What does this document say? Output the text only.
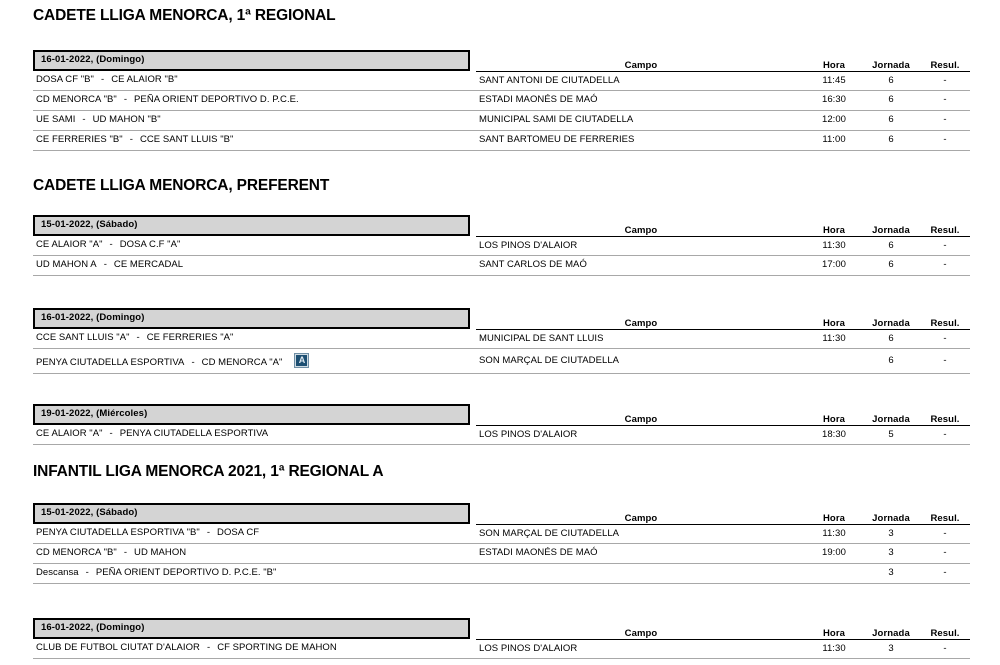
CADETE LLIGA MENORCA, 1ª REGIONAL
16-01-2022, (Domingo)		Campo	Hora	Jornada	Resul.
DOSA CF "B" - CE ALAIOR "B"		SANT ANTONI DE CIUTADELLA	11:45	6	-
CD MENORCA "B" - PEÑA ORIENT DEPORTIVO D. P.C.E.		ESTADI MAONÉS DE MAÓ	16:30	6	-
UE SAMI - UD MAHON "B"		MUNICIPAL SAMI DE CIUTADELLA	12:00	6	-
CE FERRERIES "B" - CCE SANT LLUIS "B"		SANT BARTOMEU DE FERRERIES	11:00	6	-
CADETE LLIGA MENORCA, PREFERENT
15-01-2022, (Sábado)		Campo	Hora	Jornada	Resul.
CE ALAIOR "A" - DOSA C.F "A"		LOS PINOS D'ALAIOR	11:30	6	-
UD MAHON A - CE MERCADAL		SANT CARLOS DE MAÓ	17:00	6	-
16-01-2022, (Domingo)		Campo	Hora	Jornada	Resul.
CCE SANT LLUIS "A" - CE FERRERIES "A"		MUNICIPAL DE SANT LLUIS	11:30	6	-
PENYA CIUTADELLA ESPORTIVA - CD MENORCA "A"A		SON MARÇAL DE CIUTADELLA		6	-
19-01-2022, (Miércoles)		Campo	Hora	Jornada	Resul.
CE ALAIOR "A" - PENYA CIUTADELLA ESPORTIVA		LOS PINOS D'ALAIOR	18:30	5	-
INFANTIL LIGA MENORCA 2021, 1ª REGIONAL A
15-01-2022, (Sábado)		Campo	Hora	Jornada	Resul.
PENYA CIUTADELLA ESPORTIVA "B" - DOSA CF		SON MARÇAL DE CIUTADELLA	11:30	3	-
CD MENORCA "B" - UD MAHON		ESTADI MAONÉS DE MAÓ	19:00	3	-
Descansa - PEÑA ORIENT DEPORTIVO D. P.C.E. "B"				3	-
16-01-2022, (Domingo)		Campo	Hora	Jornada	Resul.
CLUB DE FUTBOL CIUTAT D'ALAIOR - CF SPORTING DE MAHON		LOS PINOS D'ALAIOR	11:30	3	-
